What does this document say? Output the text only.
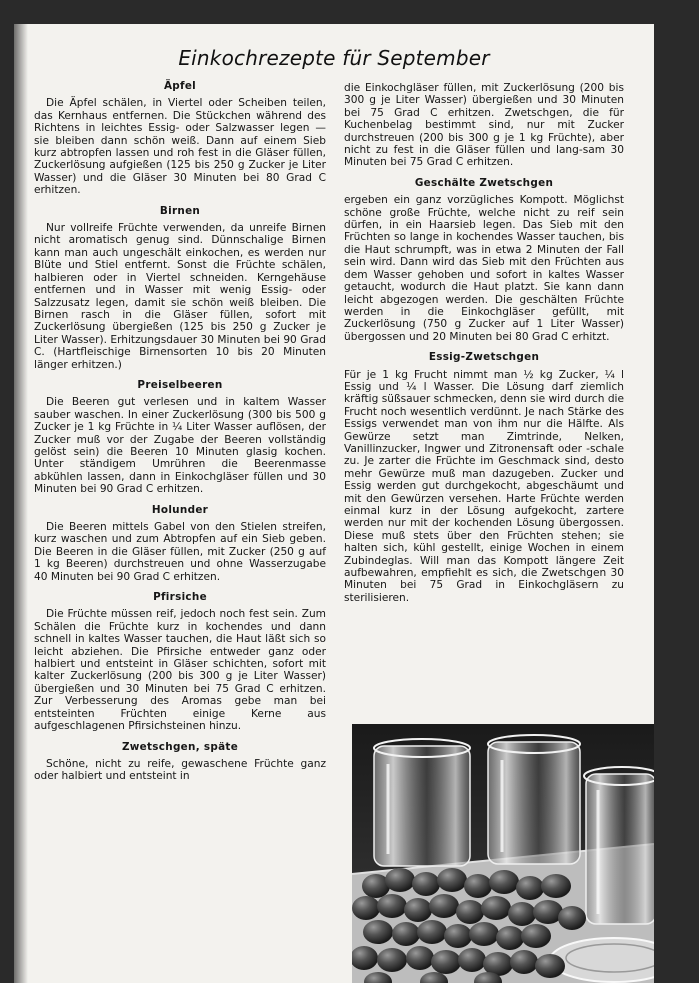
Einkochrezepte für September
Äpfel

Die Äpfel schälen, in Viertel oder Scheiben teilen, das Kernhaus entfernen. Die Stückchen während des Richtens in leichtes Essig- oder Salzwasser legen — sie bleiben dann schön weiß. Dann auf einem Sieb kurz abtropfen lassen und roh fest in die Gläser füllen, Zuckerlösung aufgießen (125 bis 250 g Zucker je Liter Wasser) und die Gläser 30 Minuten bei 80 Grad C erhitzen.

Birnen

Nur vollreife Früchte verwenden, da unreife Birnen nicht aromatisch genug sind. Dünnschalige Birnen kann man auch ungeschält einkochen, es werden nur Blüte und Stiel entfernt. Sonst die Früchte schälen, halbieren oder in Viertel schneiden. Kerngehäuse entfernen und in Wasser mit wenig Essig- oder Salzzusatz legen, damit sie schön weiß bleiben. Die Birnen rasch in die Gläser füllen, sofort mit Zuckerlösung übergießen (125 bis 250 g Zucker je Liter Wasser). Erhitzungsdauer 30 Minuten bei 90 Grad C. (Hartfleischige Birnensorten 10 bis 20 Minuten länger erhitzen.)

Preiselbeeren

Die Beeren gut verlesen und in kaltem Wasser sauber waschen. In einer Zuckerlösung (300 bis 500 g Zucker je 1 kg Früchte in ¼ Liter Wasser auflösen, der Zucker muß vor der Zugabe der Beeren vollständig gelöst sein) die Beeren 10 Minuten glasig kochen. Unter ständigem Umrühren die Beerenmasse abkühlen lassen, dann in Einkochgläser füllen und 30 Minuten bei 90 Grad C erhitzen.

Holunder

Die Beeren mittels Gabel von den Stielen streifen, kurz waschen und zum Abtropfen auf ein Sieb geben. Die Beeren in die Gläser füllen, mit Zucker (250 g auf 1 kg Beeren) durchstreuen und ohne Wasserzugabe 40 Minuten bei 90 Grad C erhitzen.

Pfirsiche

Die Früchte müssen reif, jedoch noch fest sein. Zum Schälen die Früchte kurz in kochendes und dann schnell in kaltes Wasser tauchen, die Haut läßt sich so leicht abziehen. Die Pfirsiche entweder ganz oder halbiert und entsteint in Gläser schichten, sofort mit kalter Zuckerlösung (200 bis 300 g je Liter Wasser) übergießen und 30 Minuten bei 75 Grad C erhitzen. Zur Verbesserung des Aromas gebe man bei entsteinten Früchten einige Kerne aus aufgeschlagenen Pfirsichsteinen hinzu.

Zwetschgen, späte

Schöne, nicht zu reife, gewaschene Früchte ganz oder halbiert und entsteint in

die Einkochgläser füllen, mit Zuckerlösung (200 bis 300 g je Liter Wasser) übergießen und 30 Minuten bei 75 Grad C erhitzen. Zwetschgen, die für Kuchenbelag bestimmt sind, nur mit Zucker durchstreuen (200 bis 300 g je 1 kg Früchte), aber nicht zu fest in die Gläser füllen und lang-sam 30 Minuten bei 75 Grad C erhitzen.

Geschälte Zwetschgen

ergeben ein ganz vorzügliches Kompott. Möglichst schöne große Früchte, welche nicht zu reif sein dürfen, in ein Haarsieb legen. Das Sieb mit den Früchten so lange in kochendes Wasser tauchen, bis die Haut schrumpft, was in etwa 2 Minuten der Fall sein wird. Dann wird das Sieb mit den Früchten aus dem Wasser gehoben und sofort in kaltes Wasser getaucht, wodurch die Haut platzt. Sie kann dann leicht abgezogen werden. Die geschälten Früchte werden in die Einkochgläser gefüllt, mit Zuckerlösung (750 g Zucker auf 1 Liter Wasser) übergossen und 20 Minuten bei 80 Grad C erhitzt.

Essig-Zwetschgen

Für je 1 kg Frucht nimmt man ½ kg Zucker, ¼ l Essig und ¼ l Wasser. Die Lösung darf ziemlich kräftig süßsauer schmecken, denn sie wird durch die Frucht noch wesentlich verdünnt. Je nach Stärke des Essigs verwendet man von ihm nur die Hälfte. Als Gewürze setzt man Zimtrinde, Nelken, Vanillinzucker, Ingwer und Zitronensaft oder -schale zu. Je zarter die Früchte im Geschmack sind, desto mehr Gewürze muß man dazugeben. Zucker und Essig werden gut durchgekocht, abgeschäumt und mit den Gewürzen versehen. Harte Früchte werden einmal kurz in der Lösung aufgekocht, zartere werden nur mit der kochenden Lösung übergossen. Diese muß stets über den Früchten stehen; sie halten sich, kühl gestellt, einige Wochen in einem Zubindeglas. Will man das Kompott längere Zeit aufbewahren, empfiehlt es sich, die Zwetschgen 30 Minuten bei 75 Grad in Einkochgläsern zu sterilisieren.
